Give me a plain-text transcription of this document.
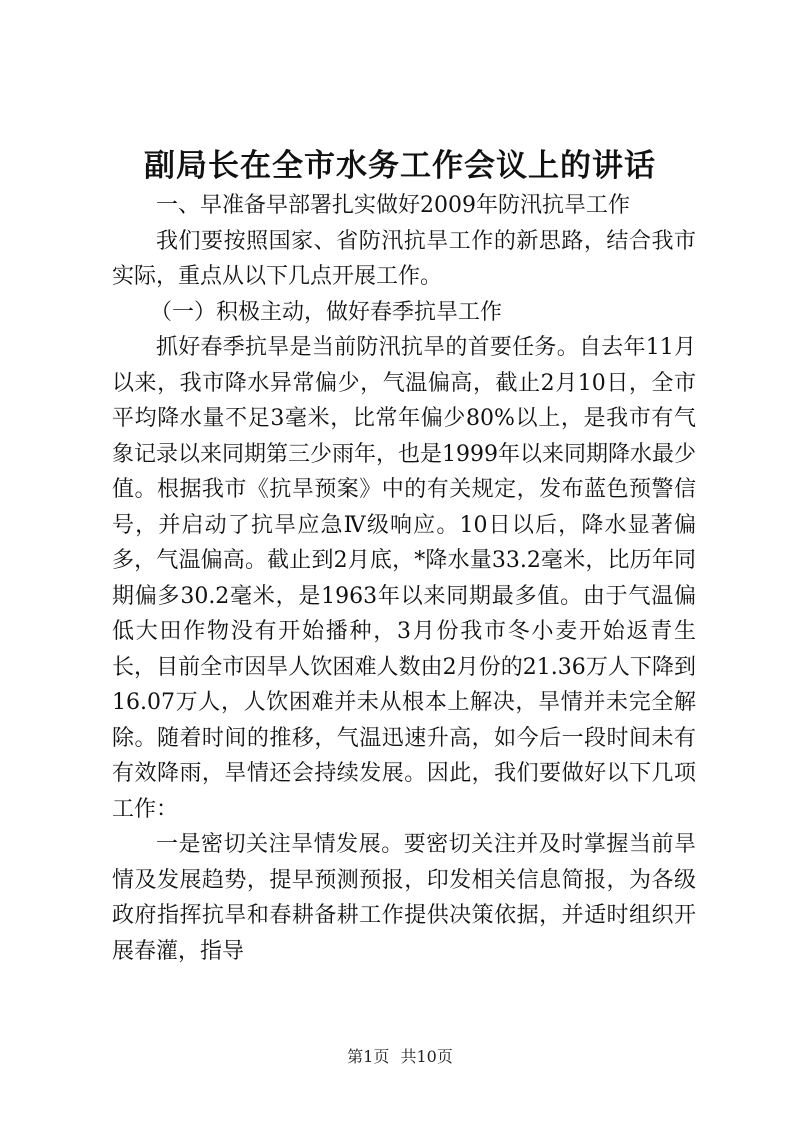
副局长在全市水务工作会议上的讲话

一、早准备早部署扎实做好2009年防汛抗旱工作

我们要按照国家、省防汛抗旱工作的新思路，结合我市实际，重点从以下几点开展工作。

（一）积极主动，做好春季抗旱工作

抓好春季抗旱是当前防汛抗旱的首要任务。自去年11月以来，我市降水异常偏少，气温偏高，截止2月10日，全市平均降水量不足3毫米，比常年偏少80%以上，是我市有气象记录以来同期第三少雨年，也是1999年以来同期降水最少值。根据我市《抗旱预案》中的有关规定，发布蓝色预警信号，并启动了抗旱应急Ⅳ级响应。10日以后，降水显著偏多，气温偏高。截止到2月底，*降水量33.2毫米，比历年同期偏多30.2毫米，是1963年以来同期最多值。由于气温偏低大田作物没有开始播种，3月份我市冬小麦开始返青生长，目前全市因旱人饮困难人数由2月份的21.36万人下降到16.07万人，人饮困难并未从根本上解决，旱情并未完全解除。随着时间的推移，气温迅速升高，如今后一段时间未有有效降雨，旱情还会持续发展。因此，我们要做好以下几项工作：

一是密切关注旱情发展。要密切关注并及时掌握当前旱情及发展趋势，提早预测预报，印发相关信息简报，为各级政府指挥抗旱和春耕备耕工作提供决策依据，并适时组织开展春灌，指导

第1页 共10页
